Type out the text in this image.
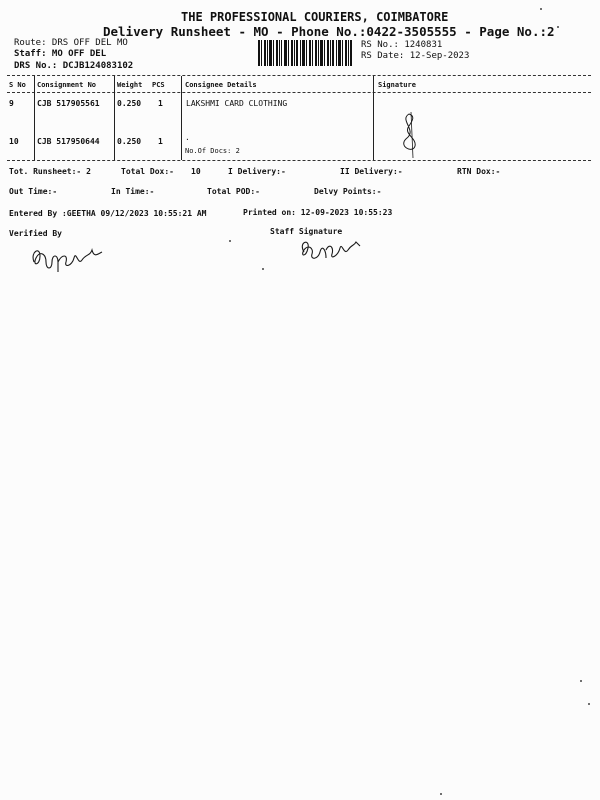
THE PROFESSIONAL COURIERS, COIMBATORE
Delivery Runsheet - MO - Phone No.:0422-3505555 - Page No.:2
Route: DRS OFF DEL MO
Staff: MO OFF DEL
DRS No.: DCJB124083102
RS No.: 1240831
RS Date: 12-Sep-2023
S No Consignment No	Weight PCS	Consignee Details	Signature
9	CJB 517905561 0.250 1	LAKSHMI CARD CLOTHING
10 CJB 517950644 0.250 1	.
No.Of Docs: 2
Tot. Runsheet:- 2	Total Dox:- 10	I Delivery:-	II Delivery:-	RTN Dox:-
Out Time:-	In Time:-	Total POD:-	Delvy Points:-
Entered By :GEETHA 09/12/2023 10:55:21 AM	Printed on: 12-09-2023 10:55:23
Verified By	Staff Signature
